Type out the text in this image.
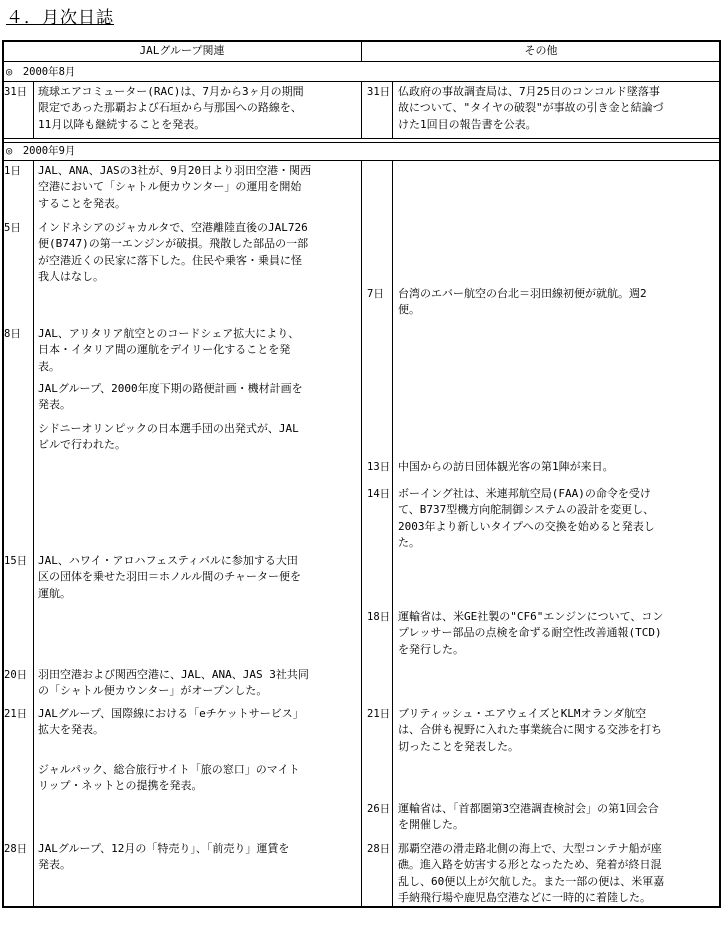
４．月次日誌
JALグループ関連	その他
◎　2000年8月
31日 琉球エアコミューター(RAC)は、7月から3ヶ月の期間
限定であった那覇および石垣から与那国への路線を、
11月以降も継続することを発表。
31日 仏政府の事故調査局は、7月25日のコンコルド墜落事
故について、"タイヤの破裂"が事故の引き金と結論づ
けた1回目の報告書を公表。
◎　2000年9月
1日 JAL、ANA、JASの3社が、9月20日より羽田空港・関西
空港において「シャトル便カウンター」の運用を開始
することを発表。
5日 インドネシアのジャカルタで、空港離陸直後のJAL726
便(B747)の第一エンジンが破損。飛散した部品の一部
が空港近くの民家に落下した。住民や乗客・乗員に怪
我人はなし。
8日 JAL、アリタリア航空とのコードシェア拡大により、
日本・イタリア間の運航をデイリー化することを発
表。
JALグループ、2000年度下期の路便計画・機材計画を
発表。
シドニーオリンピックの日本選手団の出発式が、JAL
ビルで行われた。
15日 JAL、ハワイ・アロハフェスティバルに参加する大田
区の団体を乗せた羽田＝ホノルル間のチャーター便を
運航。
20日 羽田空港および関西空港に、JAL、ANA、JAS 3社共同
の「シャトル便カウンター」がオープンした。
21日 JALグループ、国際線における「eチケットサービス」
拡大を発表。
ジャルパック、総合旅行サイト「旅の窓口」のマイト
リップ・ネットとの提携を発表。
28日 JALグループ、12月の「特売り」、「前売り」運賃を
発表。
7日 台湾のエバー航空の台北＝羽田線初便が就航。週2
便。
13日 中国からの訪日団体観光客の第1陣が来日。
14日 ボーイング社は、米連邦航空局(FAA)の命令を受け
て、B737型機方向舵制御システムの設計を変更し、
2003年より新しいタイプへの交換を始めると発表し
た。
18日 運輸省は、米GE社製の"CF6"エンジンについて、コン
プレッサー部品の点検を命ずる耐空性改善通報(TCD)
を発行した。
21日 ブリティッシュ・エアウェイズとKLMオランダ航空
は、合併も視野に入れた事業統合に関する交渉を打ち
切ったことを発表した。
26日 運輸省は、「首都圏第3空港調査検討会」の第1回会合
を開催した。
28日 那覇空港の滑走路北側の海上で、大型コンテナ船が座
礁。進入路を妨害する形となったため、発着が終日混
乱し、60便以上が欠航した。また一部の便は、米軍嘉
手納飛行場や鹿児島空港などに一時的に着陸した。
